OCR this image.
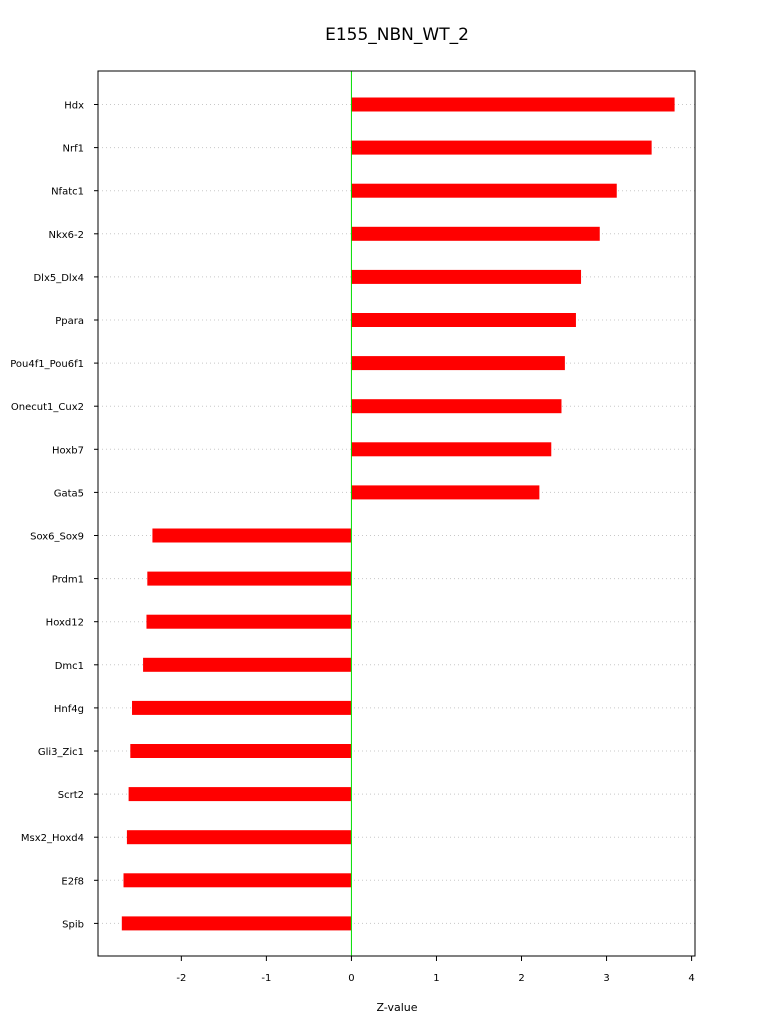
E155_NBN_WT_2
Hdx
Nrf1
Nfatc1
Nkx6-2
Dlx5_Dlx4
Ppara
Pou4f1_Pou6f1
Onecut1_Cux2
Hoxb7
Gata5
Sox6_Sox9
Prdm1
Hoxd12
Dmc1
Hnf4g
Gli3_Zic1
Scrt2
Msx2_Hoxd4
E2f8
Spib
-2	-1	0	1	2	3	4
Z-value
